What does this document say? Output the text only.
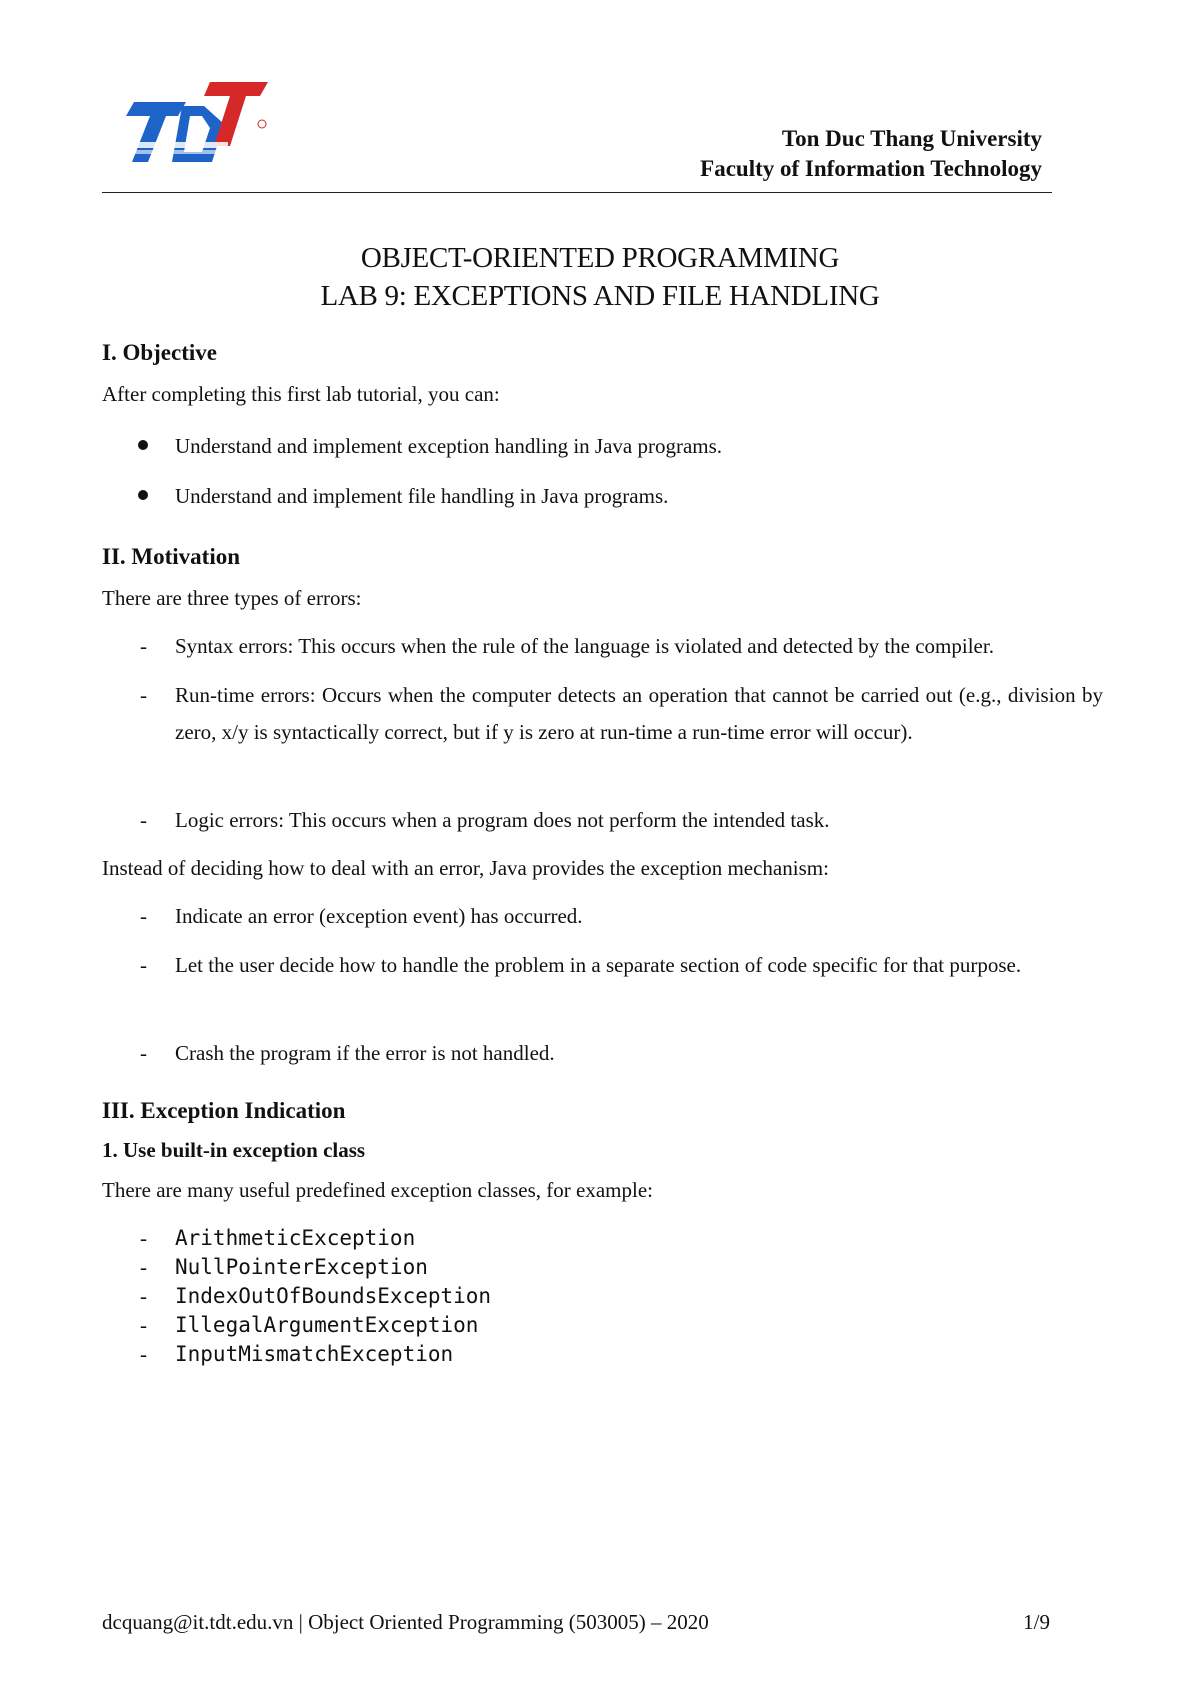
Ton Duc Thang University
Faculty of Information Technology
OBJECT-ORIENTED PROGRAMMING
LAB 9: EXCEPTIONS AND FILE HANDLING
I. Objective
After completing this first lab tutorial, you can:
Understand and implement exception handling in Java programs.
Understand and implement file handling in Java programs.
II. Motivation
There are three types of errors:
- Syntax errors: This occurs when the rule of the language is violated and detected by the compiler.
- Run-time errors: Occurs when the computer detects an operation that cannot be carried out (e.g., division by zero, x/y is syntactically correct, but if y is zero at run-time a run-time error will occur).
- Logic errors: This occurs when a program does not perform the intended task.
Instead of deciding how to deal with an error, Java provides the exception mechanism:
- Indicate an error (exception event) has occurred.
- Let the user decide how to handle the problem in a separate section of code specific for that purpose.
- Crash the program if the error is not handled.
III. Exception Indication
1. Use built-in exception class
There are many useful predefined exception classes, for example:
- ArithmeticException
- NullPointerException
- IndexOutOfBoundsException
- IllegalArgumentException
- InputMismatchException
dcquang@it.tdt.edu.vn | Object Oriented Programming (503005) – 2020	1/9
